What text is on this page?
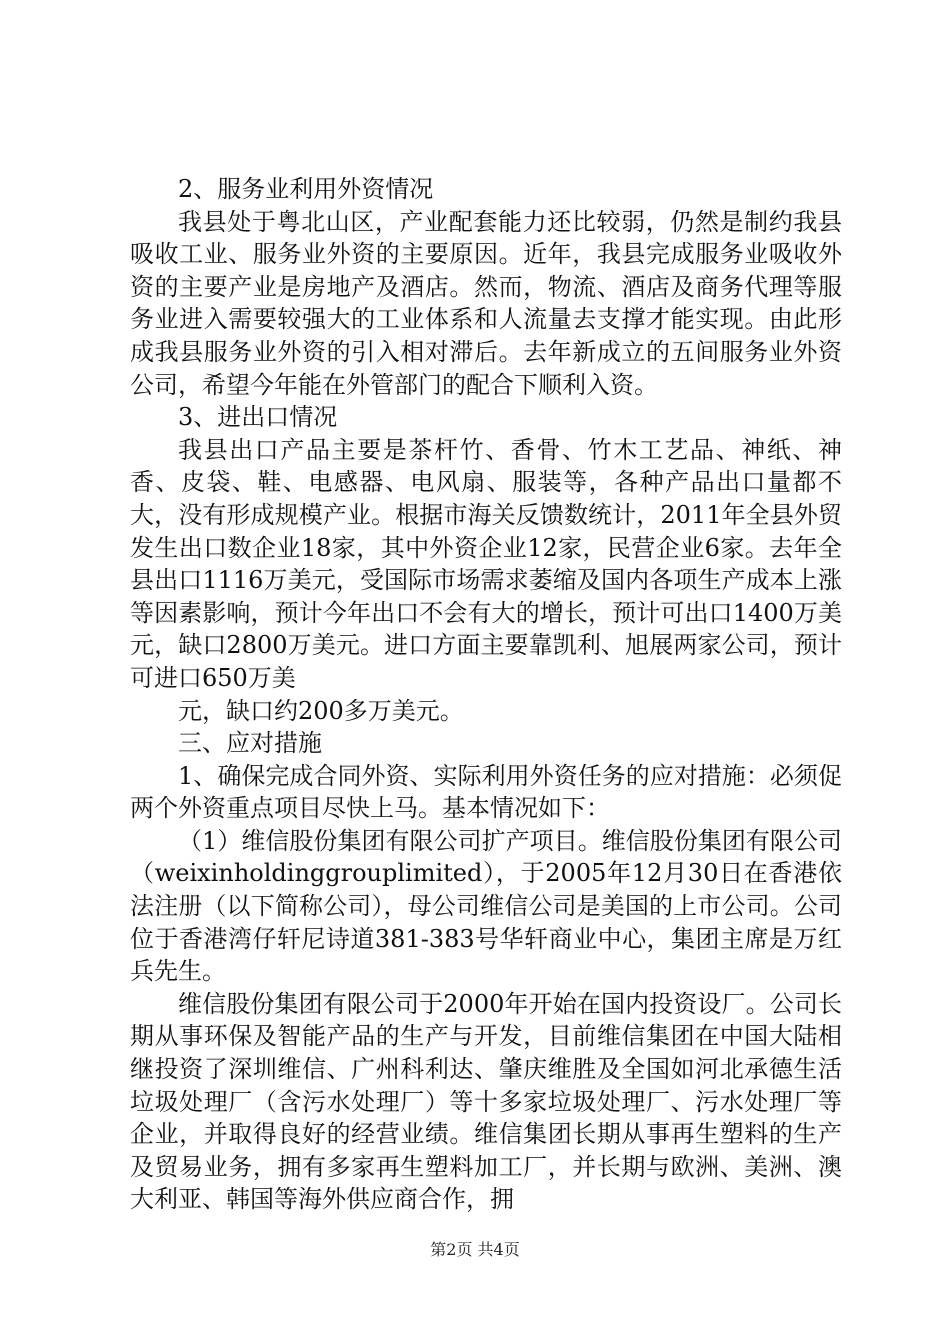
2、服务业利用外资情况

我县处于粤北山区，产业配套能力还比较弱，仍然是制约我县吸收工业、服务业外资的主要原因。近年，我县完成服务业吸收外资的主要产业是房地产及酒店。然而，物流、酒店及商务代理等服务业进入需要较强大的工业体系和人流量去支撑才能实现。由此形成我县服务业外资的引入相对滞后。去年新成立的五间服务业外资公司，希望今年能在外管部门的配合下顺利入资。

3、进出口情况

我县出口产品主要是茶杆竹、香骨、竹木工艺品、神纸、神香、皮袋、鞋、电感器、电风扇、服装等，各种产品出口量都不大，没有形成规模产业。根据市海关反馈数统计，2011年全县外贸发生出口数企业18家，其中外资企业12家，民营企业6家。去年全县出口1116万美元，受国际市场需求萎缩及国内各项生产成本上涨等因素影响，预计今年出口不会有大的增长，预计可出口1400万美元，缺口2800万美元。进口方面主要靠凯利、旭展两家公司，预计可进口650万美

元，缺口约200多万美元。

三、应对措施

1、确保完成合同外资、实际利用外资任务的应对措施：必须促两个外资重点项目尽快上马。基本情况如下：

（1）维信股份集团有限公司扩产项目。维信股份集团有限公司（weixinholdinggrouplimited），于2005年12月30日在香港依法注册（以下简称公司），母公司维信公司是美国的上市公司。公司位于香港湾仔轩尼诗道381-383号华轩商业中心，集团主席是万红兵先生。

维信股份集团有限公司于2000年开始在国内投资设厂。公司长期从事环保及智能产品的生产与开发，目前维信集团在中国大陆相继投资了深圳维信、广州科利达、肇庆维胜及全国如河北承德生活垃圾处理厂（含污水处理厂）等十多家垃圾处理厂、污水处理厂等企业，并取得良好的经营业绩。维信集团长期从事再生塑料的生产及贸易业务，拥有多家再生塑料加工厂，并长期与欧洲、美洲、澳大利亚、韩国等海外供应商合作，拥

第2页 共4页
